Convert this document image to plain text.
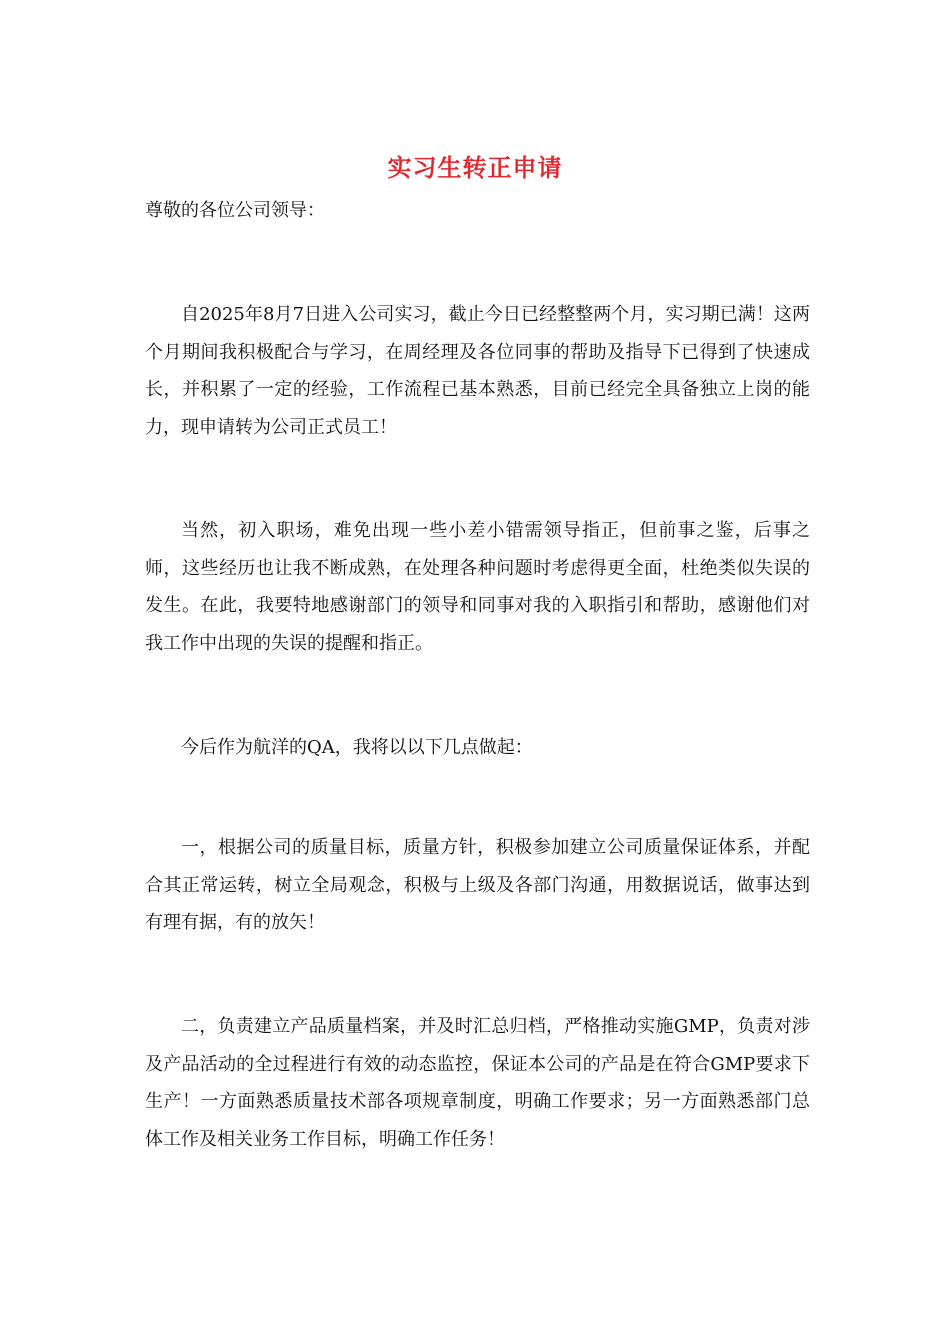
实习生转正申请
尊敬的各位公司领导：

自2025年8月7日进入公司实习，截止今日已经整整两个月，实习期已满！这两个月期间我积极配合与学习，在周经理及各位同事的帮助及指导下已得到了快速成长，并积累了一定的经验，工作流程已基本熟悉，目前已经完全具备独立上岗的能力，现申请转为公司正式员工！

当然，初入职场，难免出现一些小差小错需领导指正，但前事之鉴，后事之师，这些经历也让我不断成熟，在处理各种问题时考虑得更全面，杜绝类似失误的发生。在此，我要特地感谢部门的领导和同事对我的入职指引和帮助，感谢他们对我工作中出现的失误的提醒和指正。

今后作为航洋的QA，我将以以下几点做起：

一，根据公司的质量目标，质量方针，积极参加建立公司质量保证体系，并配合其正常运转，树立全局观念，积极与上级及各部门沟通，用数据说话，做事达到有理有据，有的放矢！

二，负责建立产品质量档案，并及时汇总归档，严格推动实施GMP，负责对涉及产品活动的全过程进行有效的动态监控，保证本公司的产品是在符合GMP要求下生产！一方面熟悉质量技术部各项规章制度，明确工作要求；另一方面熟悉部门总体工作及相关业务工作目标，明确工作任务！
